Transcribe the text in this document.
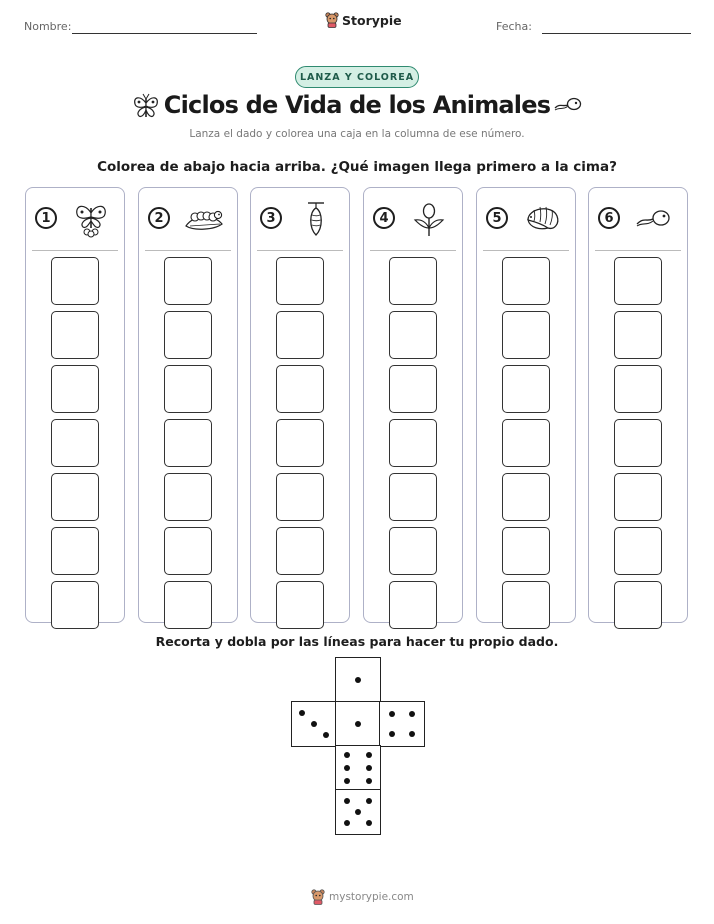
Nombre:	Storypie	Fecha:
LANZA Y COLOREA
Ciclos de Vida de los Animales
Lanza el dado y colorea una caja en la columna de ese número.
Colorea de abajo hacia arriba. ¿Qué imagen llega primero a la cima?
1	2	3	4	5	6
Recorta y dobla por las líneas para hacer tu propio dado.
mystorypie.com
